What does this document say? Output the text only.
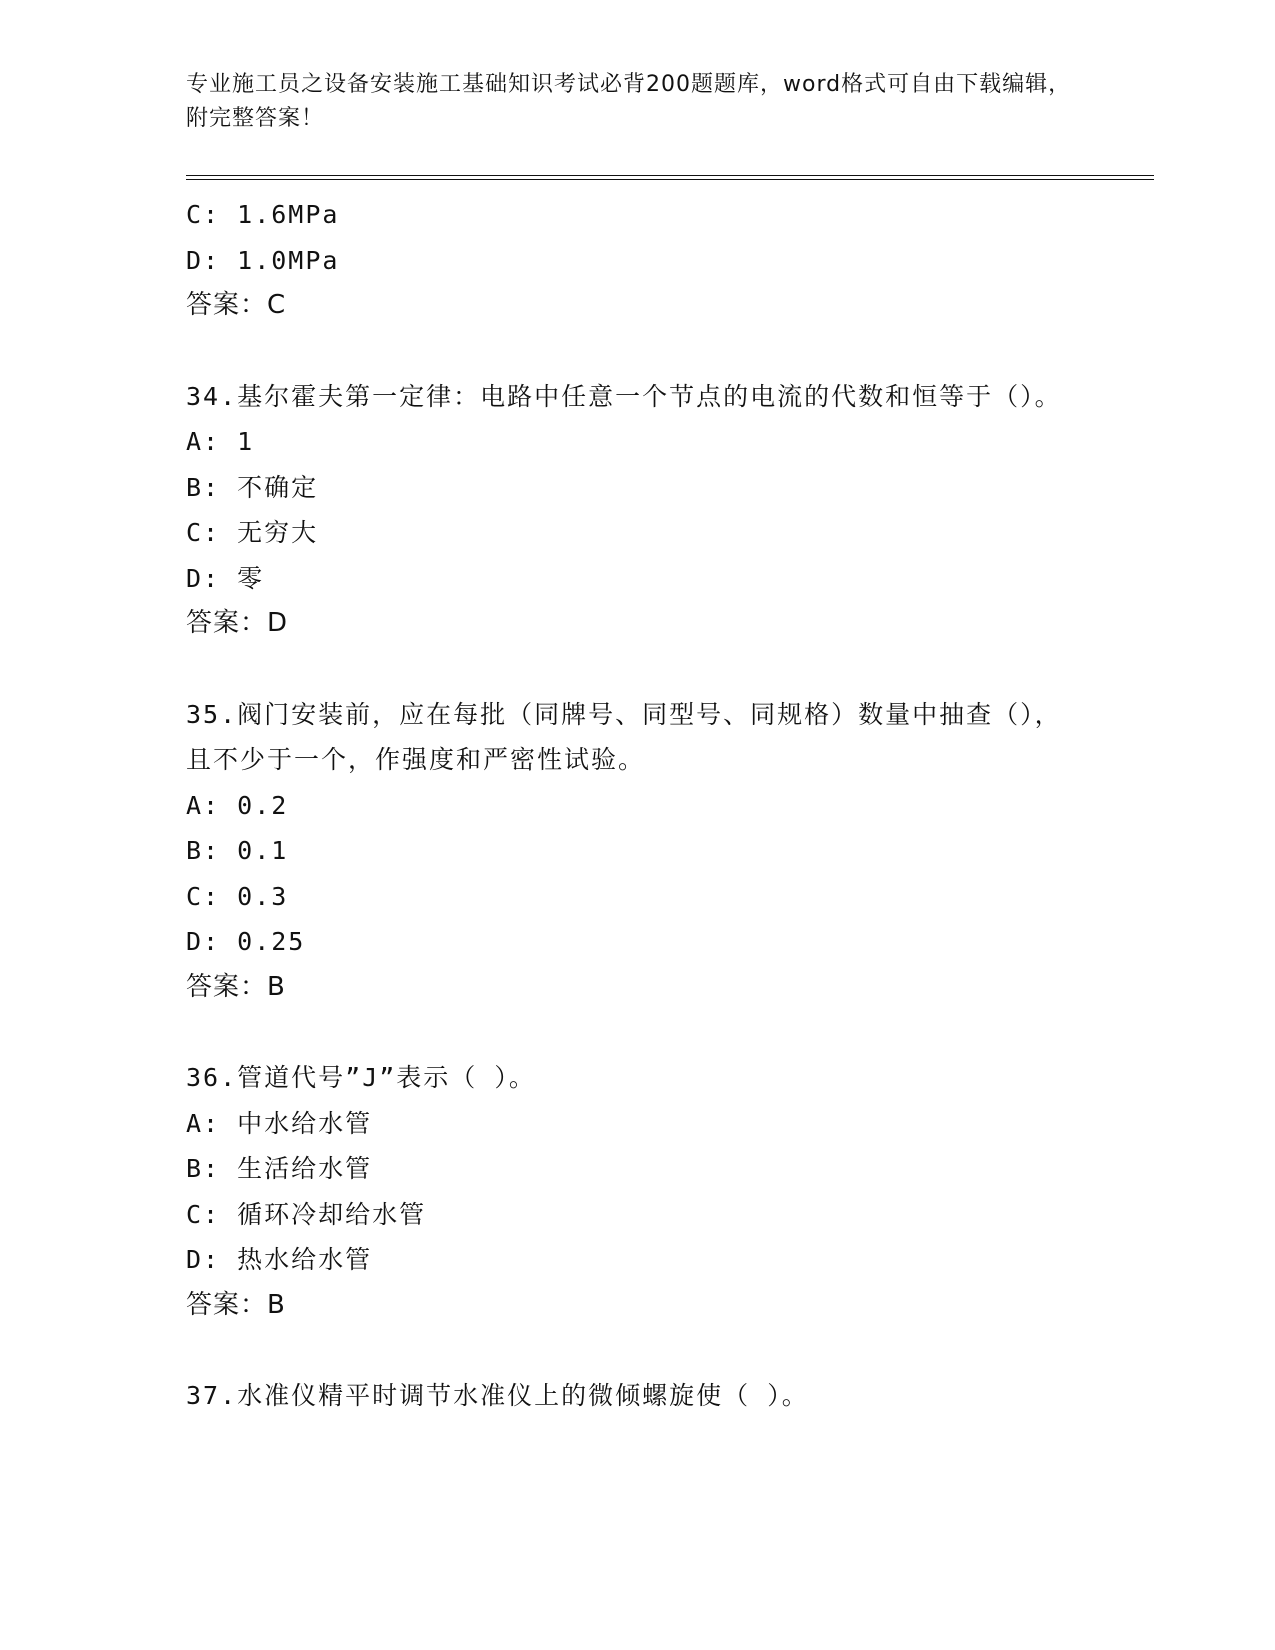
专业施工员之设备安装施工基础知识考试必背200题题库，word格式可自由下载编辑，附完整答案！

C: 1.6MPa

D: 1.0MPa

答案：C

34.基尔霍夫第一定律：电路中任意一个节点的电流的代数和恒等于（）。

A: 1

B: 不确定

C: 无穷大

D: 零

答案：D

35.阀门安装前，应在每批（同牌号、同型号、同规格）数量中抽查（），且不少于一个，作强度和严密性试验。

A: 0.2

B: 0.1

C: 0.3

D: 0.25

答案：B

36.管道代号”J”表示（ ）。

A: 中水给水管

B: 生活给水管

C: 循环冷却给水管

D: 热水给水管

答案：B

37.水准仪精平时调节水准仪上的微倾螺旋使（ ）。
